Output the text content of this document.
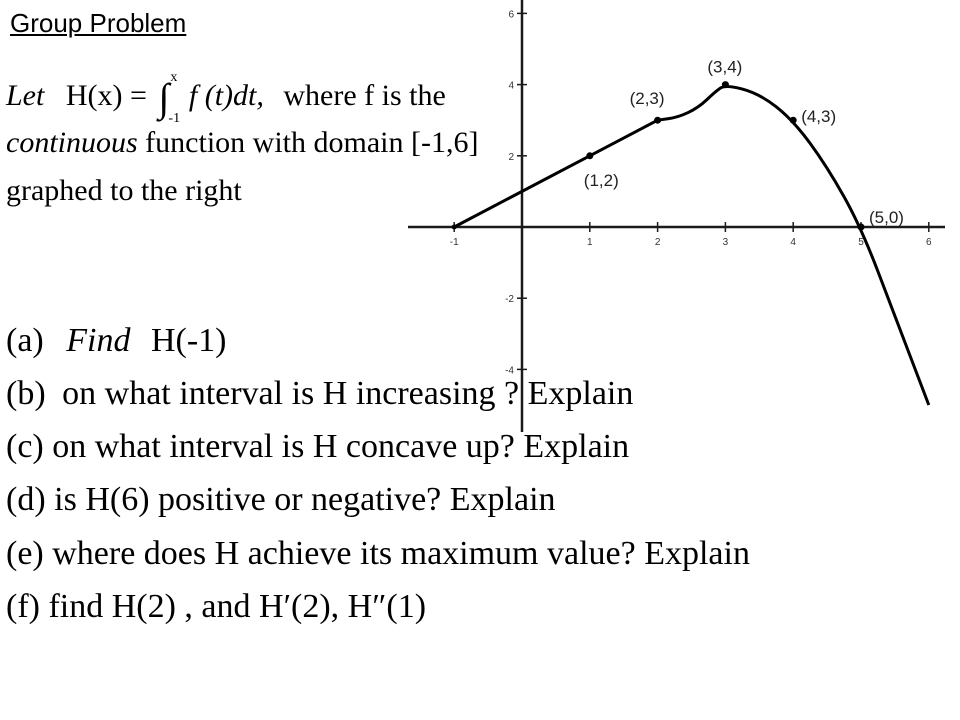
Group Problem
Let H(x) = ∫ x
-1
f (t)dt, where f is the
continuous function with domain [-1,6]
graphed to the right
(a) Find H(-1)
(b) on what interval is H increasing ? Explain
(c) on what interval is H concave up? Explain
(d) is H(6) positive or negative? Explain
(e) where does H achieve its maximum value? Explain
(f) find H(2) , and H′(2), H″(1)
-1	1	2	3	4	5	6
6
4
2
-2
-4
(1,2)
(2,3)
(3,4)
(4,3)
(5,0)
